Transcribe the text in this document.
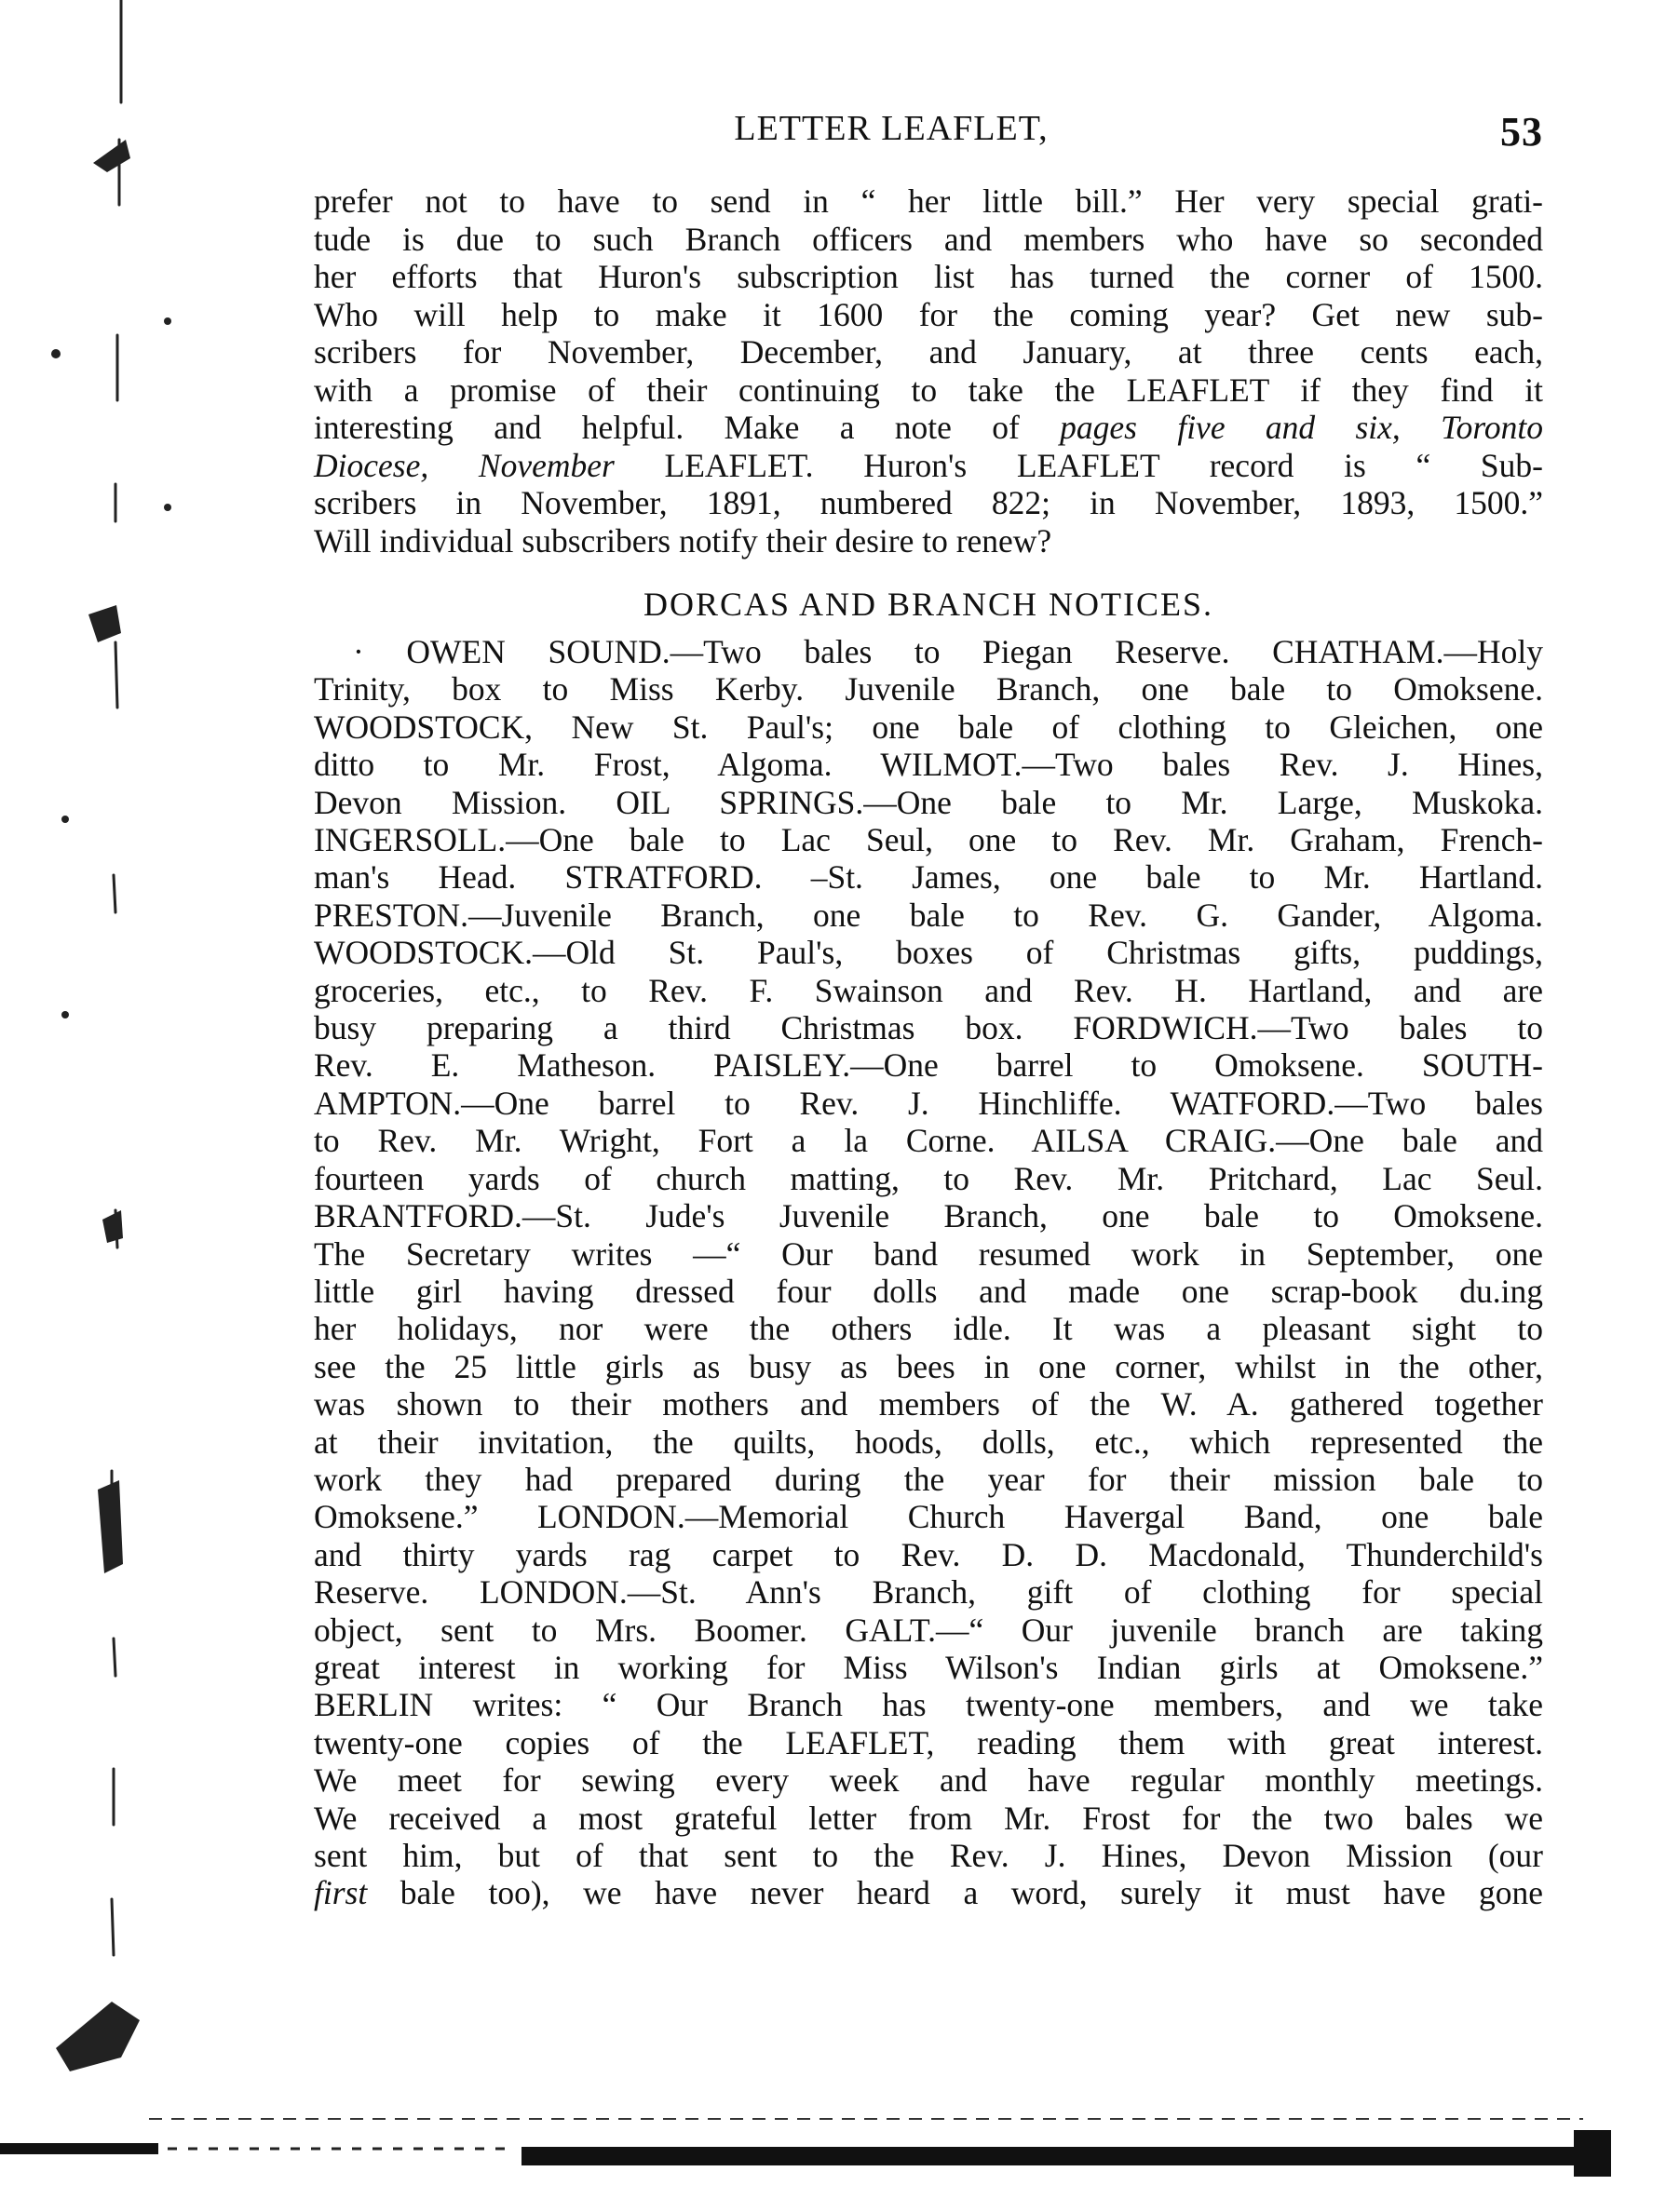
LETTER LEAFLET,	53
prefer not to have to send in “ her little bill.” Her very special grati-
tude is due to such Branch officers and members who have so seconded
her efforts that Huron's subscription list has turned the corner of 1500.
Who will help to make it 1600 for the coming year? Get new sub-
scribers for November, December, and January, at three cents each,
with a promise of their continuing to take the LEAFLET if they find it
interesting and helpful. Make a note of pages five and six, Toronto
Diocese, November LEAFLET. Huron's LEAFLET record is “ Sub-
scribers in November, 1891, numbered 822; in November, 1893, 1500.”
Will individual subscribers notify their desire to renew?
DORCAS AND BRANCH NOTICES.
· OWEN SOUND.—Two bales to Piegan Reserve. CHATHAM.—Holy
Trinity, box to Miss Kerby. Juvenile Branch, one bale to Omoksene.
WOODSTOCK, New St. Paul's; one bale of clothing to Gleichen, one
ditto to Mr. Frost, Algoma. WILMOT.—Two bales Rev. J. Hines,
Devon Mission. OIL SPRINGS.—One bale to Mr. Large, Muskoka.
INGERSOLL.—One bale to Lac Seul, one to Rev. Mr. Graham, French-
man's Head. STRATFORD. –St. James, one bale to Mr. Hartland.
PRESTON.—Juvenile Branch, one bale to Rev. G. Gander, Algoma.
WOODSTOCK.—Old St. Paul's, boxes of Christmas gifts, puddings,
groceries, etc., to Rev. F. Swainson and Rev. H. Hartland, and are
busy preparing a third Christmas box. FORDWICH.—Two bales to
Rev. E. Matheson. PAISLEY.—One barrel to Omoksene. SOUTH-
AMPTON.—One barrel to Rev. J. Hinchliffe. WATFORD.—Two bales
to Rev. Mr. Wright, Fort a la Corne. AILSA CRAIG.—One bale and
fourteen yards of church matting, to Rev. Mr. Pritchard, Lac Seul.
BRANTFORD.—St. Jude's Juvenile Branch, one bale to Omoksene.
The Secretary writes —“ Our band resumed work in September, one
little girl having dressed four dolls and made one scrap-book du.ing
her holidays, nor were the others idle. It was a pleasant sight to
see the 25 little girls as busy as bees in one corner, whilst in the other,
was shown to their mothers and members of the W. A. gathered together
at their invitation, the quilts, hoods, dolls, etc., which represented the
work they had prepared during the year for their mission bale to
Omoksene.” LONDON.—Memorial Church Havergal Band, one bale
and thirty yards rag carpet to Rev. D. D. Macdonald, Thunderchild's
Reserve. LONDON.—St. Ann's Branch, gift of clothing for special
object, sent to Mrs. Boomer. GALT.—“ Our juvenile branch are taking
great interest in working for Miss Wilson's Indian girls at Omoksene.”
BERLIN writes: “ Our Branch has twenty-one members, and we take
twenty-one copies of the LEAFLET, reading them with great interest.
We meet for sewing every week and have regular monthly meetings.
We received a most grateful letter from Mr. Frost for the two bales we
sent him, but of that sent to the Rev. J. Hines, Devon Mission (our
first bale too), we have never heard a word, surely it must have gone
